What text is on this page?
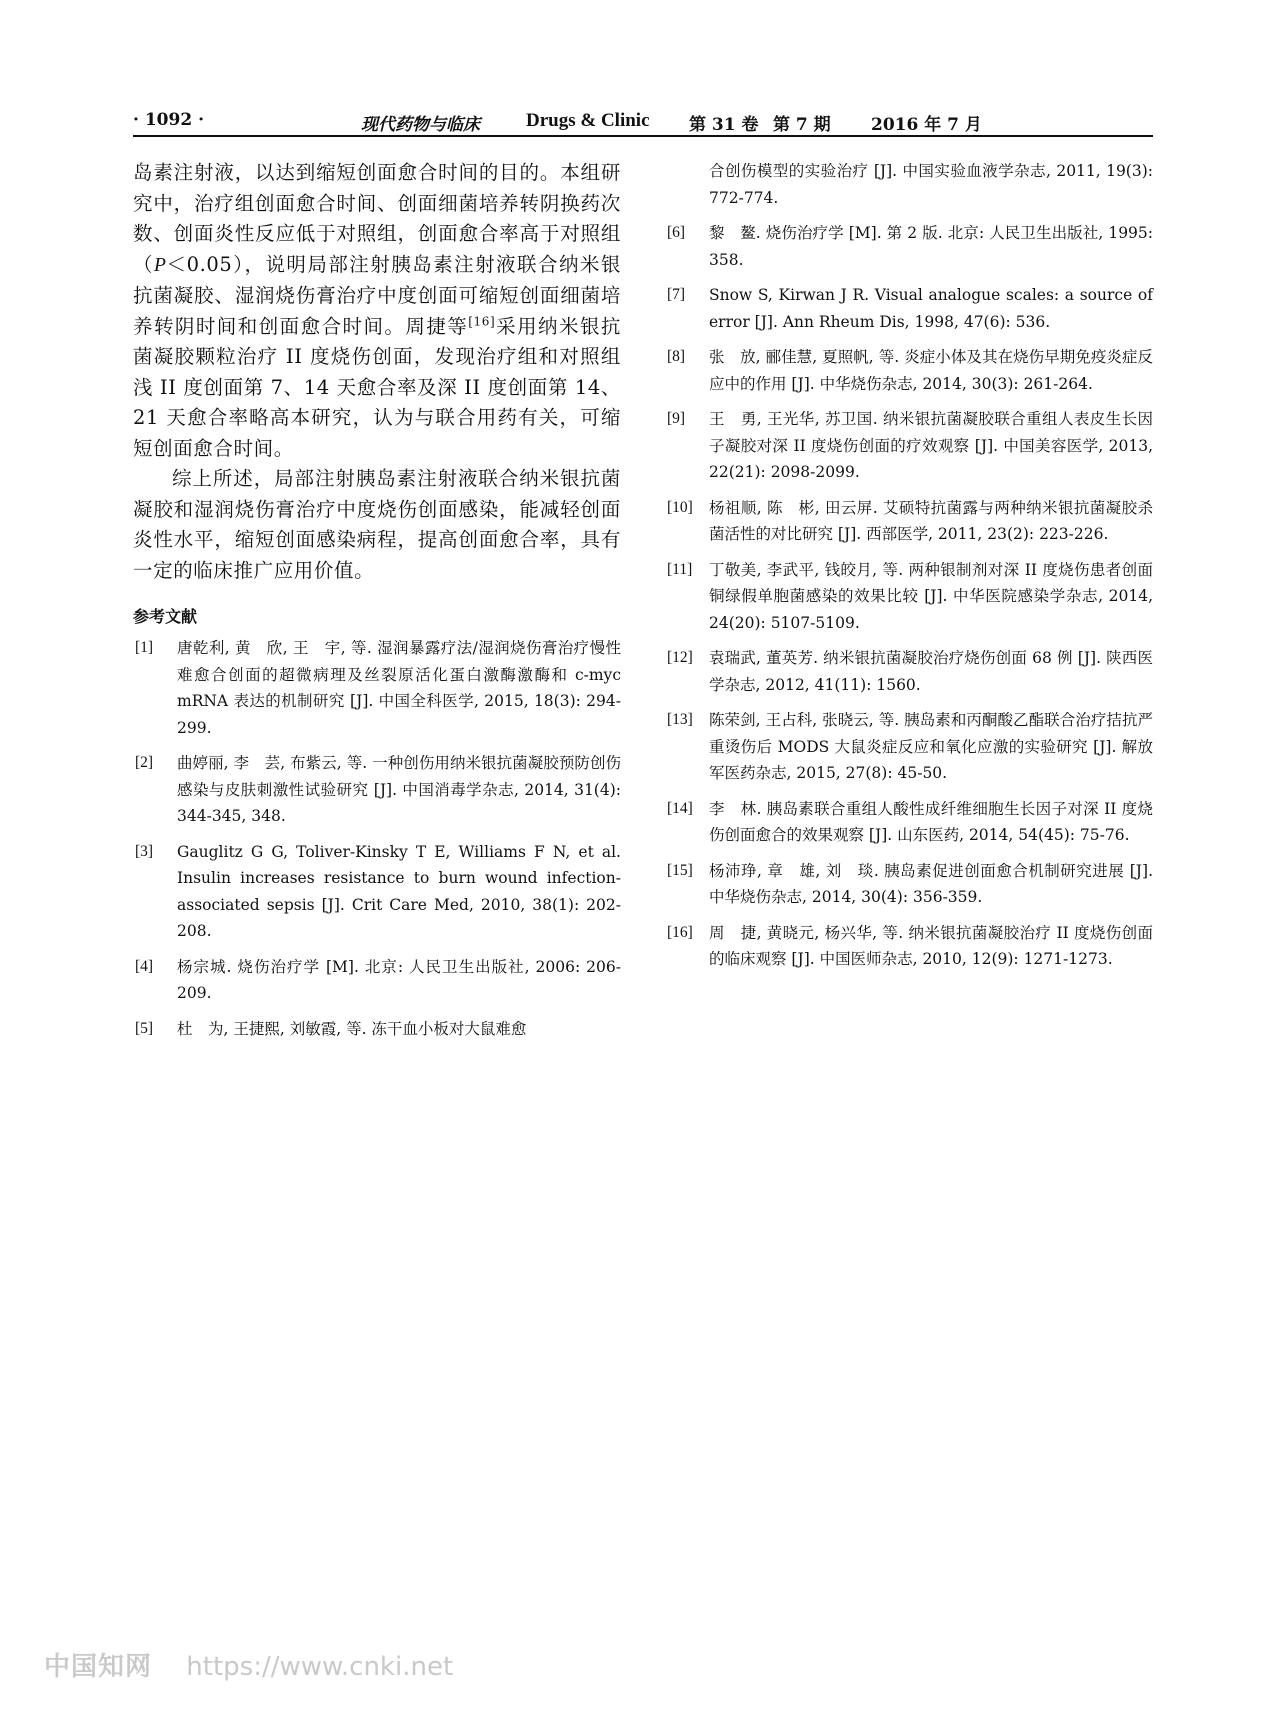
· 1092 ·	现代药物与临床 Drugs & Clinic 第 31 卷 第 7 期 2016 年 7 月

岛素注射液，以达到缩短创面愈合时间的目的。本组研究中，治疗组创面愈合时间、创面细菌培养转阴换药次数、创面炎性反应低于对照组，创面愈合率高于对照组（P＜0.05），说明局部注射胰岛素注射液联合纳米银抗菌凝胶、湿润烧伤膏治疗中度创面可缩短创面细菌培养转阴时间和创面愈合时间。周捷等[16]采用纳米银抗菌凝胶颗粒治疗 II 度烧伤创面，发现治疗组和对照组浅 II 度创面第 7、14 天愈合率及深 II 度创面第 14、21 天愈合率略高本研究，认为与联合用药有关，可缩短创面愈合时间。

综上所述，局部注射胰岛素注射液联合纳米银抗菌凝胶和湿润烧伤膏治疗中度烧伤创面感染，能减轻创面炎性水平，缩短创面感染病程，提高创面愈合率，具有一定的临床推广应用价值。

参考文献
[1] 唐乾利, 黄　欣, 王　宇, 等. 湿润暴露疗法/湿润烧伤膏治疗慢性难愈合创面的超微病理及丝裂原活化蛋白激酶激酶和 c-myc mRNA 表达的机制研究 [J]. 中国全科医学, 2015, 18(3): 294-299.
[2] 曲婷丽, 李　芸, 布紫云, 等. 一种创伤用纳米银抗菌凝胶预防创伤感染与皮肤刺激性试验研究 [J]. 中国消毒学杂志, 2014, 31(4): 344-345, 348.
[3] Gauglitz G G, Toliver-Kinsky T E, Williams F N, et al. Insulin increases resistance to burn wound infection-associated sepsis [J]. Crit Care Med, 2010, 38(1): 202-208.
[4] 杨宗城. 烧伤治疗学 [M]. 北京: 人民卫生出版社, 2006: 206-209.
[5] 杜　为, 王捷熙, 刘敏霞, 等. 冻干血小板对大鼠难愈
合创伤模型的实验治疗 [J]. 中国实验血液学杂志, 2011, 19(3): 772-774.
[6] 黎　鳌. 烧伤治疗学 [M]. 第 2 版. 北京: 人民卫生出版社, 1995: 358.
[7] Snow S, Kirwan J R. Visual analogue scales: a source of error [J]. Ann Rheum Dis, 1998, 47(6): 536.
[8] 张　放, 郦佳慧, 夏照帆, 等. 炎症小体及其在烧伤早期免疫炎症反应中的作用 [J]. 中华烧伤杂志, 2014, 30(3): 261-264.
[9] 王　勇, 王光华, 苏卫国. 纳米银抗菌凝胶联合重组人表皮生长因子凝胶对深 II 度烧伤创面的疗效观察 [J]. 中国美容医学, 2013, 22(21): 2098-2099.
[10] 杨祖顺, 陈　彬, 田云屏. 艾硕特抗菌露与两种纳米银抗菌凝胶杀菌活性的对比研究 [J]. 西部医学, 2011, 23(2): 223-226.
[11] 丁敬美, 李武平, 钱皎月, 等. 两种银制剂对深 II 度烧伤患者创面铜绿假单胞菌感染的效果比较 [J]. 中华医院感染学杂志, 2014, 24(20): 5107-5109.
[12] 袁瑞武, 董英芳. 纳米银抗菌凝胶治疗烧伤创面 68 例 [J]. 陕西医学杂志, 2012, 41(11): 1560.
[13] 陈荣剑, 王占科, 张晓云, 等. 胰岛素和丙酮酸乙酯联合治疗拮抗严重烫伤后 MODS 大鼠炎症反应和氧化应激的实验研究 [J]. 解放军医药杂志, 2015, 27(8): 45-50.
[14] 李　林. 胰岛素联合重组人酸性成纤维细胞生长因子对深 II 度烧伤创面愈合的效果观察 [J]. 山东医药, 2014, 54(45): 75-76.
[15] 杨沛琤, 章　雄, 刘　琰. 胰岛素促进创面愈合机制研究进展 [J]. 中华烧伤杂志, 2014, 30(4): 356-359.
[16] 周　捷, 黄晓元, 杨兴华, 等. 纳米银抗菌凝胶治疗 II 度烧伤创面的临床观察 [J]. 中国医师杂志, 2010, 12(9): 1271-1273.
中国知网 https://www.cnki.net
